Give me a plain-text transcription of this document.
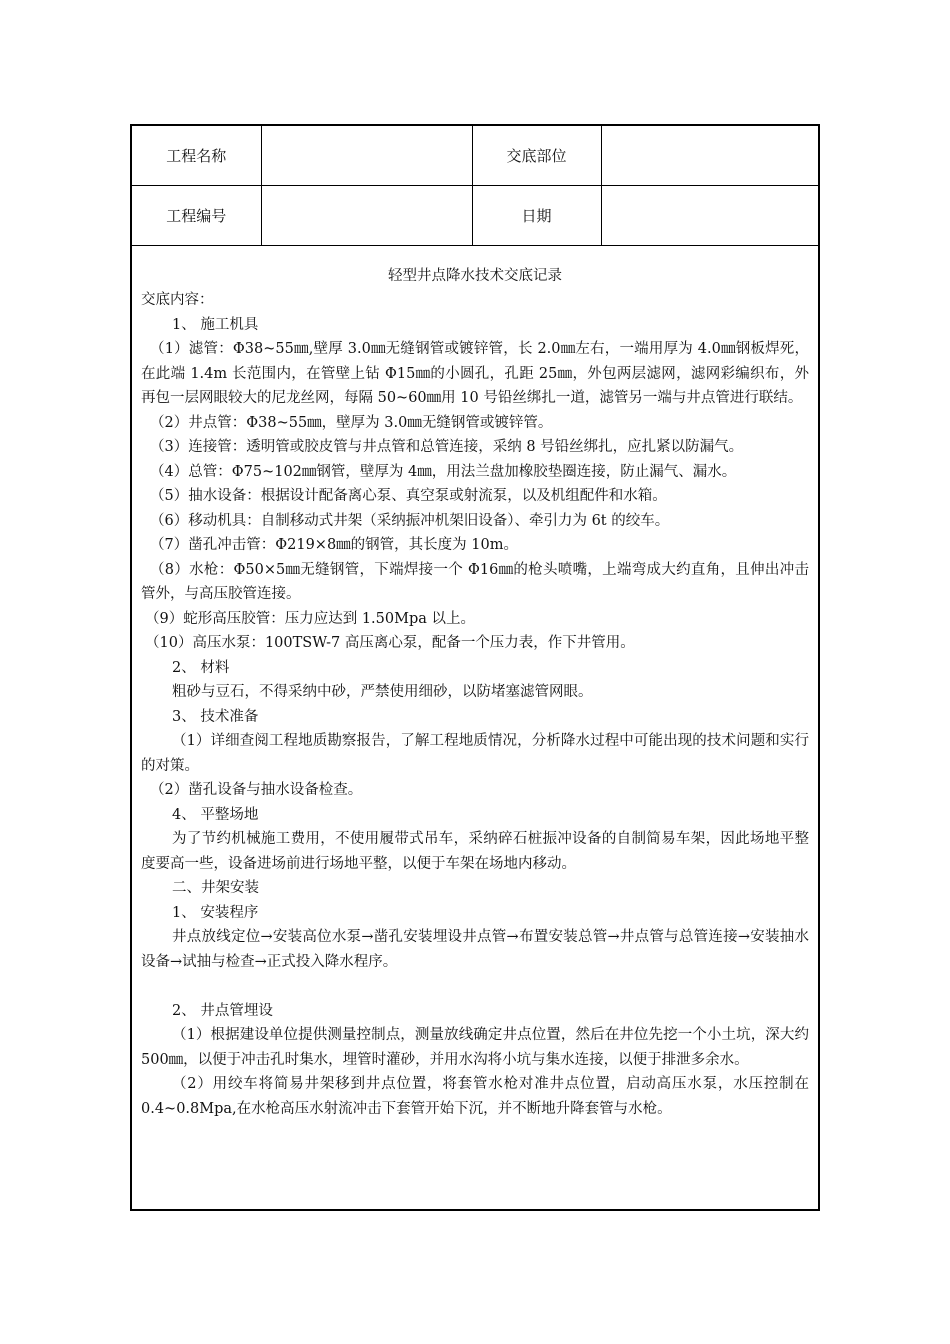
工程名称		交底部位	
工程编号		日期	
轻型井点降水技术交底记录

交底内容：

1、 施工机具

（1）滤管：Φ38~55㎜,壁厚 3.0㎜无缝钢管或镀锌管，长 2.0㎜左右，一端用厚为 4.0㎜钢板焊死，在此端 1.4m 长范围内，在管壁上钻 Φ15㎜的小圆孔，孔距 25㎜，外包两层滤网，滤网彩编织布，外再包一层网眼较大的尼龙丝网，每隔 50~60㎜用 10 号铅丝绑扎一道，滤管另一端与井点管进行联结。

（2）井点管：Φ38~55㎜，壁厚为 3.0㎜无缝钢管或镀锌管。

（3）连接管：透明管或胶皮管与井点管和总管连接，采纳 8 号铅丝绑扎，应扎紧以防漏气。

（4）总管：Φ75~102㎜钢管，壁厚为 4㎜，用法兰盘加橡胶垫圈连接，防止漏气、漏水。

（5）抽水设备：根据设计配备离心泵、真空泵或射流泵，以及机组配件和水箱。

（6）移动机具：自制移动式井架（采纳振冲机架旧设备）、牵引力为 6t 的绞车。

（7）凿孔冲击管：Φ219×8㎜的钢管，其长度为 10m。

（8）水枪：Φ50×5㎜无缝钢管，下端焊接一个 Φ16㎜的枪头喷嘴，上端弯成大约直角，且伸出冲击管外，与高压胶管连接。

（9）蛇形高压胶管：压力应达到 1.50Mpa 以上。

（10）高压水泵：100TSW-7 高压离心泵，配备一个压力表，作下井管用。

2、 材料

粗砂与豆石，不得采纳中砂，严禁使用细砂，以防堵塞滤管网眼。

3、 技术准备

（1）详细查阅工程地质勘察报告，了解工程地质情况，分析降水过程中可能出现的技术问题和实行的对策。

（2）凿孔设备与抽水设备检查。

4、 平整场地

为了节约机械施工费用，不使用履带式吊车，采纳碎石桩振冲设备的自制简易车架，因此场地平整度要高一些，设备进场前进行场地平整，以便于车架在场地内移动。

二、井架安装

1、 安装程序

井点放线定位→安装高位水泵→凿孔安装埋设井点管→布置安装总管→井点管与总管连接→安装抽水设备→试抽与检查→正式投入降水程序。

2、 井点管埋设

（1）根据建设单位提供测量控制点，测量放线确定井点位置，然后在井位先挖一个小土坑，深大约 500㎜，以便于冲击孔时集水，埋管时灌砂，并用水沟将小坑与集水连接，以便于排泄多余水。

（2）用绞车将简易井架移到井点位置，将套管水枪对准井点位置，启动高压水泵，水压控制在 0.4~0.8Mpa,在水枪高压水射流冲击下套管开始下沉，并不断地升降套管与水枪。
